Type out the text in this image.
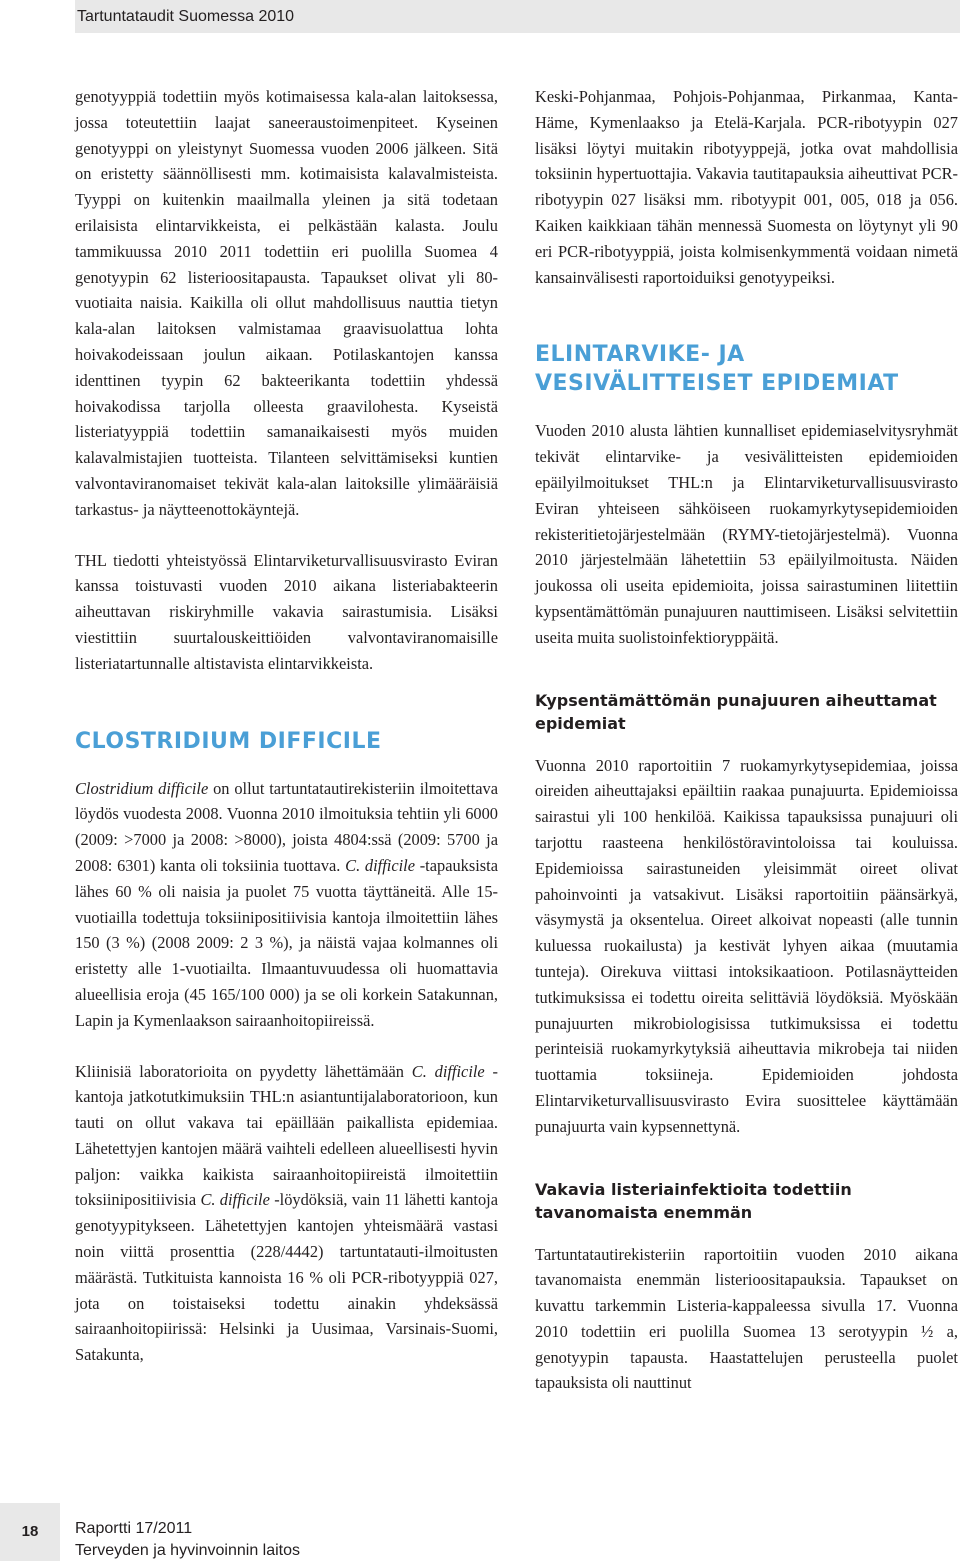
Tartuntataudit Suomessa 2010

genotyyppiä todettiin myös kotimaisessa kala-alan laitoksessa, jossa toteutettiin laajat saneeraustoimenpiteet. Kyseinen genotyyppi on yleistynyt Suomessa vuoden 2006 jälkeen. Sitä on eristetty säännöllisesti mm. kotimaisista kalavalmisteista. Tyyppi on kuitenkin maailmalla yleinen ja sitä todetaan erilaisista elintarvikkeista, ei pelkästään kalasta. Joulu tammikuussa 2010 2011 todettiin eri puolilla Suomea 4 genotyypin 62 listerioositapausta. Tapaukset olivat yli 80-vuotiaita naisia. Kaikilla oli ollut mahdollisuus nauttia tietyn kala-alan laitoksen valmistamaa graavisuolattua lohta hoivakodeissaan joulun aikaan. Potilaskantojen kanssa identtinen tyypin 62 bakteerikanta todettiin yhdessä hoivakodissa tarjolla olleesta graavilohesta. Kyseistä listeriatyyppiä todettiin samanaikaisesti myös muiden kalavalmistajien tuotteista. Tilanteen selvittämiseksi kuntien valvontaviranomaiset tekivät kala-alan laitoksille ylimääräisiä tarkastus- ja näytteenottokäyntejä.

THL tiedotti yhteistyössä Elintarviketurvallisuusvirasto Eviran kanssa toistuvasti vuoden 2010 aikana listeriabakteerin aiheuttavan riskiryhmille vakavia sairastumisia. Lisäksi viestittiin suurtalouskeittiöiden valvontaviranomaisille listeriatartunnalle altistavista elintarvikkeista.

CLOSTRIDIUM DIFFICILE

Clostridium difficile on ollut tartuntatautirekisteriin ilmoitettava löydös vuodesta 2008. Vuonna 2010 ilmoituksia tehtiin yli 6000 (2009: >7000 ja 2008: >8000), joista 4804:ssä (2009: 5700 ja 2008: 6301) kanta oli toksiinia tuottava. C. difficile -tapauksista lähes 60 % oli naisia ja puolet 75 vuotta täyttäneitä. Alle 15-vuotiailla todettuja toksiinipositiivisia kantoja ilmoitettiin lähes 150 (3 %) (2008 2009: 2 3 %), ja näistä vajaa kolmannes oli eristetty alle 1-vuotiailta. Ilmaantuvuudessa oli huomattavia alueellisia eroja (45 165/100 000) ja se oli korkein Satakunnan, Lapin ja Kymenlaakson sairaanhoitopiireissä.

Kliinisiä laboratorioita on pyydetty lähettämään C. difficile -kantoja jatkotutkimuksiin THL:n asiantuntijalaboratorioon, kun tauti on ollut vakava tai epäillään paikallista epidemiaa. Lähetettyjen kantojen määrä vaihteli edelleen alueellisesti hyvin paljon: vaikka kaikista sairaanhoitopiireistä ilmoitettiin toksiinipositiivisia C. difficile -löydöksiä, vain 11 lähetti kantoja genotyypitykseen. Lähetettyjen kantojen yhteismäärä vastasi noin viittä prosenttia (228/4442) tartuntatauti-ilmoitusten määrästä. Tutkituista kannoista 16 % oli PCR-ribotyyppiä 027, jota on toistaiseksi todettu ainakin yhdeksässä sairaanhoitopiirissä: Helsinki ja Uusimaa, Varsinais-Suomi, Satakunta,

Keski-Pohjanmaa, Pohjois-Pohjanmaa, Pirkanmaa, Kanta-Häme, Kymenlaakso ja Etelä-Karjala. PCR-ribotyypin 027 lisäksi löytyi muitakin ribotyyppejä, jotka ovat mahdollisia toksiinin hypertuottajia. Vakavia tautitapauksia aiheuttivat PCR-ribotyypin 027 lisäksi mm. ribotyypit 001, 005, 018 ja 056. Kaiken kaikkiaan tähän mennessä Suomesta on löytynyt yli 90 eri PCR-ribotyyppiä, joista kolmisenkymmentä voidaan nimetä kansainvälisesti raportoiduiksi genotyypeiksi.

ELINTARVIKE- JA VESIVÄLITTEISET EPIDEMIAT

Vuoden 2010 alusta lähtien kunnalliset epidemiaselvitysryhmät tekivät elintarvike- ja vesivälitteisten epidemioiden epäilyilmoitukset THL:n ja Elintarviketurvallisuusvirasto Eviran yhteiseen sähköiseen ruokamyrkytysepidemioiden rekisteritietojärjestelmään (RYMY-tietojärjestelmä). Vuonna 2010 järjestelmään lähetettiin 53 epäilyilmoitusta. Näiden joukossa oli useita epidemioita, joissa sairastuminen liitettiin kypsentämättömän punajuuren nauttimiseen. Lisäksi selvitettiin useita muita suolistoinfektioryppäitä.

Kypsentämättömän punajuuren aiheuttamat epidemiat

Vuonna 2010 raportoitiin 7 ruokamyrkytysepidemiaa, joissa oireiden aiheuttajaksi epäiltiin raakaa punajuurta. Epidemioissa sairastui yli 100 henkilöä. Kaikissa tapauksissa punajuuri oli tarjottu raasteena henkilöstöravintoloissa tai kouluissa. Epidemioissa sairastuneiden yleisimmät oireet olivat pahoinvointi ja vatsakivut. Lisäksi raportoitiin päänsärkyä, väsymystä ja oksentelua. Oireet alkoivat nopeasti (alle tunnin kuluessa ruokailusta) ja kestivät lyhyen aikaa (muutamia tunteja). Oirekuva viittasi intoksikaatioon. Potilasnäytteiden tutkimuksissa ei todettu oireita selittäviä löydöksiä. Myöskään punajuurten mikrobiologisissa tutkimuksissa ei todettu perinteisiä ruokamyrkytyksiä aiheuttavia mikrobeja tai niiden tuottamia toksiineja. Epidemioiden johdosta Elintarviketurvallisuusvirasto Evira suosittelee käyttämään punajuurta vain kypsennettynä.

Vakavia listeriainfektioita todettiin tavanomaista enemmän

Tartuntatautirekisteriin raportoitiin vuoden 2010 aikana tavanomaista enemmän listerioositapauksia. Tapaukset on kuvattu tarkemmin Listeria-kappaleessa sivulla 17. Vuonna 2010 todettiin eri puolilla Suomea 13 serotyypin ½ a, genotyypin tapausta. Haastattelujen perusteella puolet tapauksista oli nauttinut

18	Raportti 17/2011
Terveyden ja hyvinvoinnin laitos
